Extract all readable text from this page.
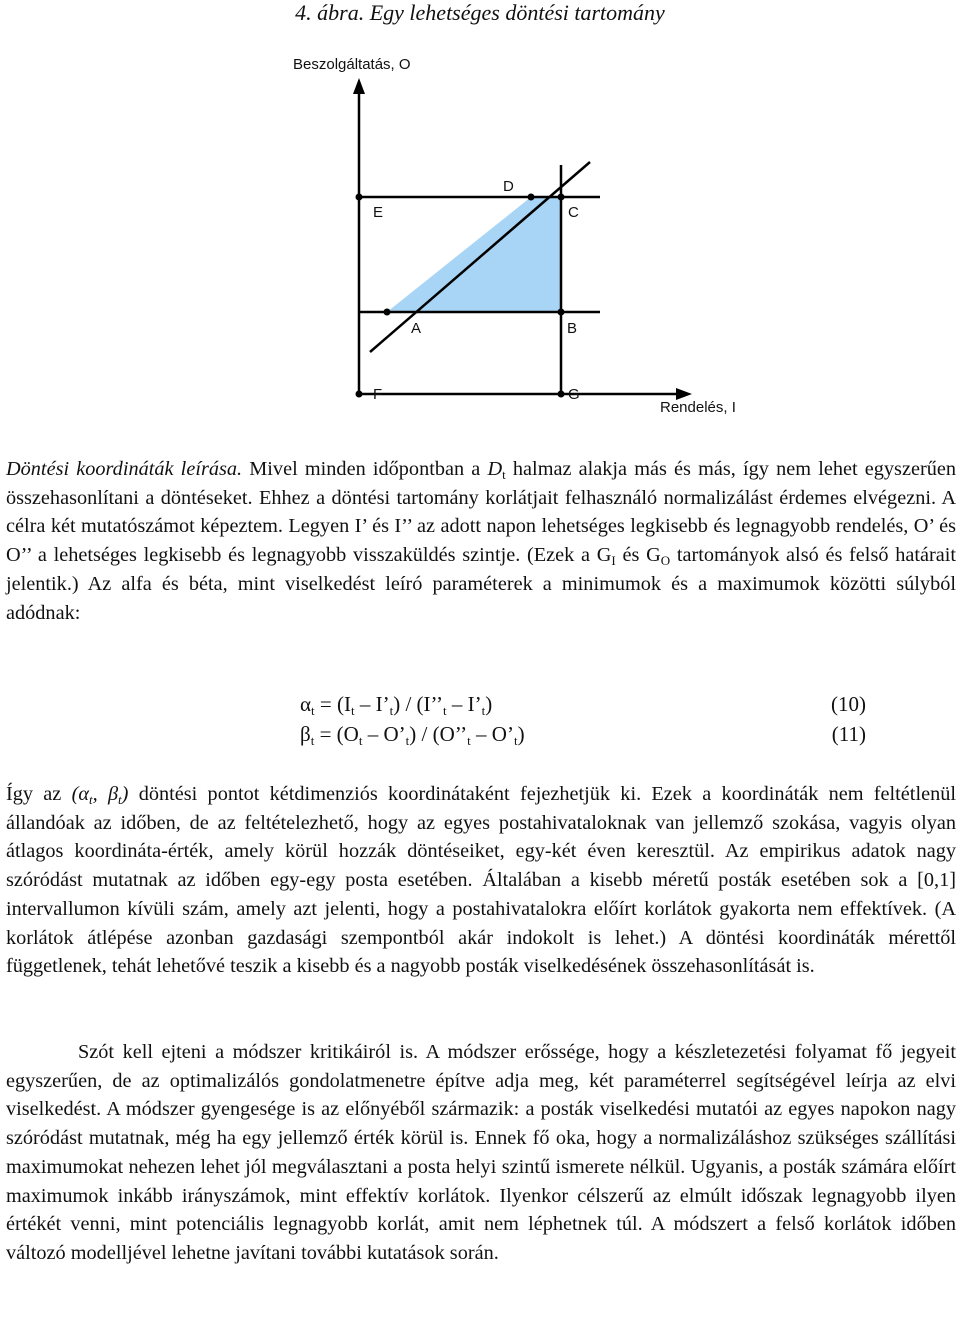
4. ábra. Egy lehetséges döntési tartomány
Beszolgáltatás, O
Rendelés, I
D
E	C
A	B
F	G

Döntési koordináták leírása. Mivel minden időpontban a $D_t$ halmaz alakja más és más, így nem lehet egyszerűen összehasonlítani a döntéseket. Ehhez a döntési tartomány korlátjait felhasználó normalizálást érdemes elvégezni. A célra két mutatószámot képeztem. Legyen I’ és I’’ az adott napon lehetséges legkisebb és legnagyobb rendelés, O’ és O’’ a lehetséges legkisebb és legnagyobb visszaküldés szintje. (Ezek a $G_I$ és $G_O$ tartományok alsó és felső határait jelentik.) Az alfa és béta, mint viselkedést leíró paraméterek a minimumok és a maximumok közötti súlyból adódnak:

$\alpha_t = (I_t$ – $I’_t$) / ($I’’_t$ – $I’_t$)	(10)
$\beta_t = (O_t$ – $O’_t$) / ($O’’_t$ – $O’_t$)	(11)

Így az ($\alpha_t$, $\beta_t$) döntési pontot kétdimenziós koordinátaként fejezhetjük ki. Ezek a koordináták nem feltétlenül állandóak az időben, de az feltételezhető, hogy az egyes postahivataloknak van jellemző szokása, vagyis olyan átlagos koordináta-érték, amely körül hozzák döntéseiket, egy-két éven keresztül. Az empirikus adatok nagy szóródást mutatnak az időben egy-egy posta esetében. Általában a kisebb méretű posták esetében sok a [0,1] intervallumon kívüli szám, amely azt jelenti, hogy a postahivatalokra előírt korlátok gyakorta nem effektívek. (A korlátok átlépése azonban gazdasági szempontból akár indokolt is lehet.) A döntési koordináták mérettől függetlenek, tehát lehetővé teszik a kisebb és a nagyobb posták viselkedésének összehasonlítását is.

Szót kell ejteni a módszer kritikáiról is. A módszer erőssége, hogy a készletezetési folyamat fő jegyeit egyszerűen, de az optimalizálós gondolatmenetre építve adja meg, két paraméterrel segítségével leírja az elvi viselkedést. A módszer gyengesége is az előnyéből származik: a posták viselkedési mutatói az egyes napokon nagy szóródást mutatnak, még ha egy jellemző érték körül is. Ennek fő oka, hogy a normalizáláshoz szükséges szállítási maximumokat nehezen lehet jól megválasztani a posta helyi szintű ismerete nélkül. Ugyanis, a posták számára előírt maximumok inkább irányszámok, mint effektív korlátok. Ilyenkor célszerű az elmúlt időszak legnagyobb ilyen értékét venni, mint potenciális legnagyobb korlát, amit nem léphetnek túl. A módszert a felső korlátok időben változó modelljével lehetne javítani további kutatások során.
